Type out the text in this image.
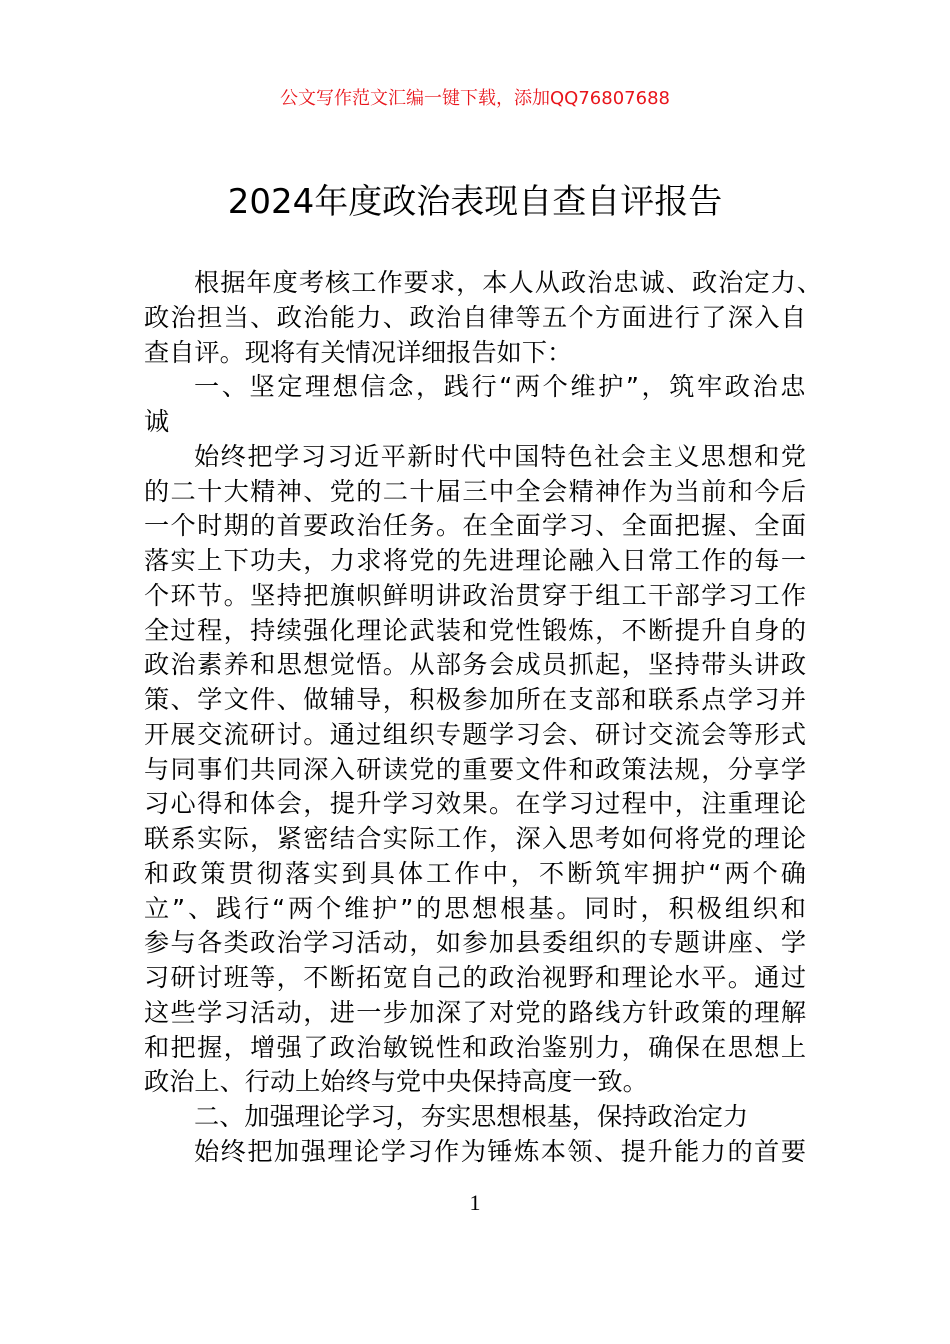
公文写作范文汇编一键下载，添加QQ76807688
2024年度政治表现自查自评报告
根据年度考核工作要求，本人从政治忠诚、政治定力、
政治担当、政治能力、政治自律等五个方面进行了深入自
查自评。现将有关情况详细报告如下：
一、坚定理想信念，践行“两个维护”，筑牢政治忠
诚
始终把学习习近平新时代中国特色社会主义思想和党
的二十大精神、党的二十届三中全会精神作为当前和今后
一个时期的首要政治任务。在全面学习、全面把握、全面
落实上下功夫，力求将党的先进理论融入日常工作的每一
个环节。坚持把旗帜鲜明讲政治贯穿于组工干部学习工作
全过程，持续强化理论武装和党性锻炼，不断提升自身的
政治素养和思想觉悟。从部务会成员抓起，坚持带头讲政
策、学文件、做辅导，积极参加所在支部和联系点学习并
开展交流研讨。通过组织专题学习会、研讨交流会等形式
与同事们共同深入研读党的重要文件和政策法规，分享学
习心得和体会，提升学习效果。在学习过程中，注重理论
联系实际，紧密结合实际工作，深入思考如何将党的理论
和政策贯彻落实到具体工作中，不断筑牢拥护“两个确
立”、践行“两个维护”的思想根基。同时，积极组织和
参与各类政治学习活动，如参加县委组织的专题讲座、学
习研讨班等，不断拓宽自己的政治视野和理论水平。通过
这些学习活动，进一步加深了对党的路线方针政策的理解
和把握，增强了政治敏锐性和政治鉴别力，确保在思想上
政治上、行动上始终与党中央保持高度一致。
二、加强理论学习，夯实思想根基，保持政治定力
始终把加强理论学习作为锤炼本领、提升能力的首要
1
